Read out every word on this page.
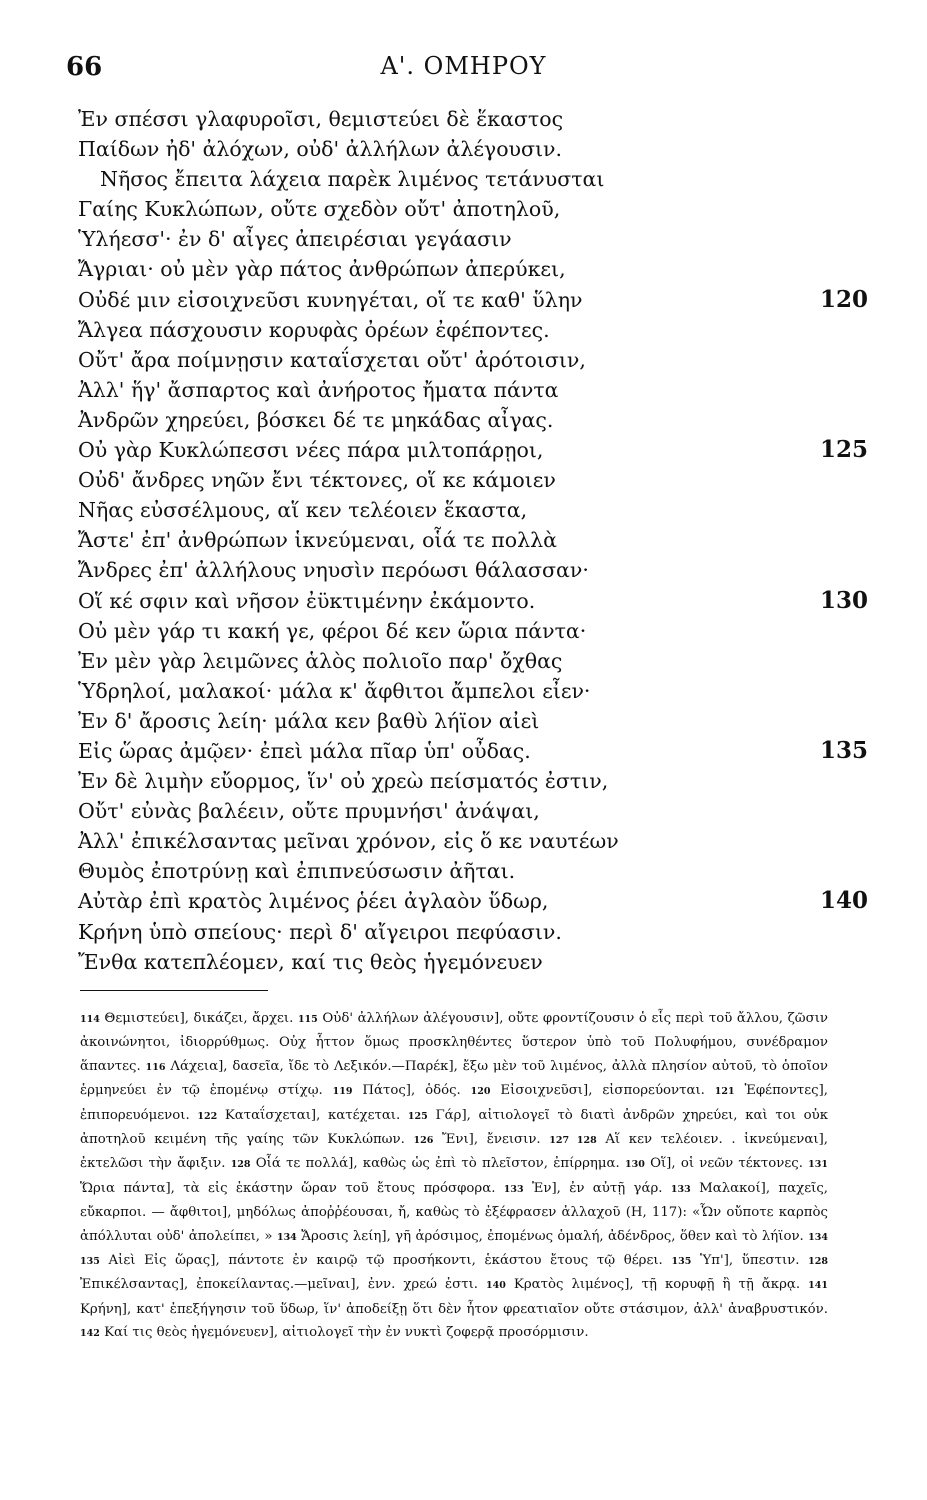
66	Α'. ΟΜΗΡΟΥ
Ἐν σπέσσι γλαφυροῖσι, θεμιστεύει δὲ ἕκαστος
Παίδων ἠδ' ἀλόχων, οὐδ' ἀλλήλων ἀλέγουσιν.
Νῆσος ἔπειτα λάχεια παρὲκ λιμένος τετάνυσται
Γαίης Κυκλώπων, οὔτε σχεδὸν οὔτ' ἀποτηλοῦ,
Ὑλήεσσ'· ἐν δ' αἶγες ἀπειρέσιαι γεγάασιν
Ἄγριαι· οὐ μὲν γὰρ πάτος ἀνθρώπων ἀπερύκει,
Οὐδέ μιν εἰσοιχνεῦσι κυνηγέται, οἵ τε καθ' ὕλην	120
Ἄλγεα πάσχουσιν κορυφὰς ὀρέων ἐφέποντες.
Οὔτ' ἄρα ποίμνῃσιν καταΐσχεται οὔτ' ἀρότοισιν,
Ἀλλ' ἥγ' ἄσπαρτος καὶ ἀνήροτος ἤματα πάντα
Ἀνδρῶν χηρεύει, βόσκει δέ τε μηκάδας αἶγας.
Οὐ γὰρ Κυκλώπεσσι νέες πάρα μιλτοπάρῃοι,	125
Οὐδ' ἄνδρες νηῶν ἔνι τέκτονες, οἵ κε κάμοιεν
Νῆας εὐσσέλμους, αἵ κεν τελέοιεν ἕκαστα,
Ἄστε' ἐπ' ἀνθρώπων ἱκνεύμεναι, οἷά τε πολλὰ
Ἄνδρες ἐπ' ἀλλήλους νηυσὶν περόωσι θάλασσαν·
Οἵ κέ σφιν καὶ νῆσον ἐϋκτιμένην ἐκάμοντο.	130
Οὐ μὲν γάρ τι κακή γε, φέροι δέ κεν ὥρια πάντα·
Ἐν μὲν γὰρ λειμῶνες ἁλὸς πολιοῖο παρ' ὄχθας
Ὑδρηλοί, μαλακοί· μάλα κ' ἄφθιτοι ἄμπελοι εἶεν·
Ἐν δ' ἄροσις λείη· μάλα κεν βαθὺ λήϊον αἰεὶ
Εἰς ὥρας ἀμῷεν· ἐπεὶ μάλα πῖαρ ὑπ' οὖδας.	135
Ἐν δὲ λιμὴν εὔορμος, ἵν' οὐ χρεὼ πείσματός ἐστιν,
Οὔτ' εὐνὰς βαλέειν, οὔτε πρυμνήσι' ἀνάψαι,
Ἀλλ' ἐπικέλσαντας μεῖναι χρόνον, εἰς ὅ κε ναυτέων
Θυμὸς ἐποτρύνῃ καὶ ἐπιπνεύσωσιν ἀῆται.
Αὐτὰρ ἐπὶ κρατὸς λιμένος ῥέει ἀγλαὸν ὕδωρ,	140
Κρήνη ὑπὸ σπείους· περὶ δ' αἴγειροι πεφύασιν.
Ἔνθα κατεπλέομεν, καί τις θεὸς ἡγεμόνευεν
114 Θεμιστεύει], δικάζει, ἄρχει. 115 Οὐδ' ἀλλήλων ἀλέγουσιν], οὔτε φροντίζουσιν ὁ εἷς περὶ τοῦ ἄλλου, ζῶσιν ἀκοινώνητοι, ἰδιορρύθμως. Οὐχ ἧττον ὅμως προσκληθέντες ὕστερον ὑπὸ τοῦ Πολυφήμου, συνέδραμον ἅπαντες. 116 Λάχεια], δασεῖα, ἴδε τὸ Λεξικόν.—Παρέκ], ἔξω μὲν τοῦ λιμένος, ἀλλὰ πλησίον αὐτοῦ, τὸ ὁποῖον ἑρμηνεύει ἐν τῷ ἑπομένῳ στίχῳ. 119 Πάτος], ὁδός. 120 Εἰσοιχνεῦσι], εἰσπορεύονται. 121 Ἐφέποντες], ἐπιπορευόμενοι. 122 Καταΐσχεται], κατέχεται. 125 Γάρ], αἰτιολογεῖ τὸ διατὶ ἀνδρῶν χηρεύει, καὶ τοι οὐκ ἀποτηλοῦ κειμένη τῆς γαίης τῶν Κυκλώπων. 126 Ἔνι], ἔνεισιν. 127 128 Αἵ κεν τελέοιεν. . ἱκνεύμεναι], ἐκτελῶσι τὴν ἄφιξιν. 128 Οἷά τε πολλά], καθὼς ὡς ἐπὶ τὸ πλεῖστον, ἐπίρρημα. 130 Οἵ], οἱ νεῶν τέκτονες. 131 Ὥρια πάντα], τὰ εἰς ἑκάστην ὥραν τοῦ ἔτους πρόσφορα. 133 Ἐν], ἐν αὐτῇ γάρ. 133 Μαλακοί], παχεῖς, εὔκαρποι. — ἄφθιτοι], μηδόλως ἀποῤῥέουσαι, ἤ, καθὼς τὸ ἐξέφρασεν ἀλλαχοῦ (Η, 117): «Ὧν οὔποτε καρπὸς ἀπόλλυται οὐδ' ἀπολείπει, » 134 Ἄροσις λείη], γῆ ἀρόσιμος, ἐπομένως ὁμαλή, ἀδένδρος, ὅθεν καὶ τὸ λήϊον. 134 135 Αἰεὶ Εἰς ὥρας], πάντοτε ἐν καιρῷ τῷ προσήκοντι, ἑκάστου ἔτους τῷ θέρει. 135 Ὑπ'], ὕπεστιν. 128 Ἐπικέλσαντας], ἐποκείλαντας.—μεῖναι], ἐνν. χρεώ ἐστι. 140 Κρατὸς λιμένος], τῇ κορυφῇ ἢ τῇ ἄκρᾳ. 141 Κρήνη], κατ' ἐπεξήγησιν τοῦ ὕδωρ, ἵν' ἀποδείξῃ ὅτι δὲν ἦτον φρεατιαῖον οὔτε στάσιμον, ἀλλ' ἀναβρυστικόν. 142 Καί τις θεὸς ἡγεμόνευεν], αἰτιολογεῖ τὴν ἐν νυκτὶ ζοφερᾷ προσόρμισιν.
